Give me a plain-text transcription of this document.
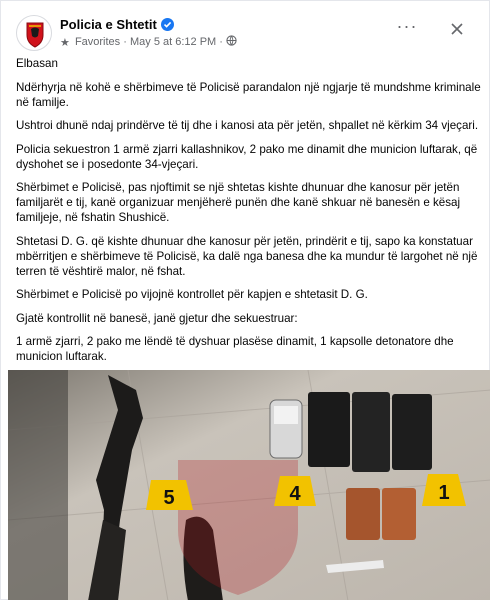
Policia e Shtetit
★ Favorites · May 5 at 6:12 PM ·
···

Elbasan

Ndërhyrja në kohë e shërbimeve të Policisë parandalon një ngjarje të mundshme kriminale në familje.

Ushtroi dhunë ndaj prindërve të tij dhe i kanosi ata për jetën, shpallet në kërkim 34 vjeçari.

Policia sekuestron 1 armë zjarri kallashnikov, 2 pako me dinamit dhe municion luftarak, që dyshohet se i posedonte 34-vjeçari.

Shërbimet e Policisë, pas njoftimit se një shtetas kishte dhunuar dhe kanosur për jetën familjarët e tij, kanë organizuar menjëherë punën dhe kanë shkuar në banesën e kësaj familjeje, në fshatin Shushicë.

Shtetasi D. G. që kishte dhunuar dhe kanosur për jetën, prindërit e tij, sapo ka konstatuar mbërritjen e shërbimeve të Policisë, ka dalë nga banesa dhe ka mundur të largohet në një terren të vështirë malor, në fshat.

Shërbimet e Policisë po vijojnë kontrollet për kapjen e shtetasit D. G.

Gjatë kontrollit në banesë, janë gjetur dhe sekuestruar:

1 armë zjarri, 2 pako me lëndë të dyshuar plasëse dinamit, 1 kapsolle detonatore dhe municion luftarak.

5	4	1
